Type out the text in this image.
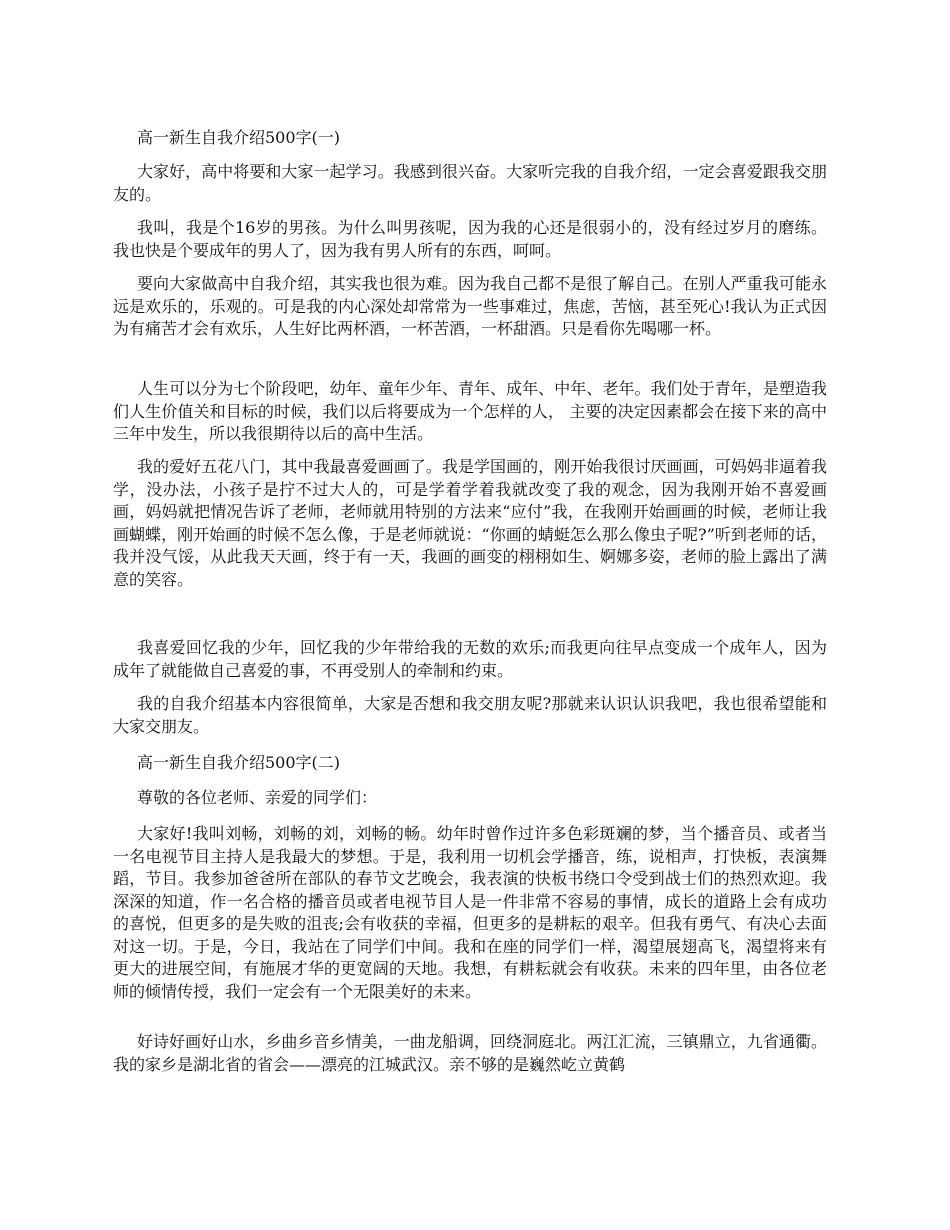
高一新生自我介绍500字(一)

大家好，高中将要和大家一起学习。我感到很兴奋。大家听完我的自我介绍，一定会喜爱跟我交朋友的。

我叫，我是个16岁的男孩。为什么叫男孩呢，因为我的心还是很弱小的，没有经过岁月的磨练。我也快是个要成年的男人了，因为我有男人所有的东西，呵呵。

要向大家做高中自我介绍，其实我也很为难。因为我自己都不是很了解自己。在别人严重我可能永远是欢乐的，乐观的。可是我的内心深处却常常为一些事难过，焦虑，苦恼，甚至死心!我认为正式因为有痛苦才会有欢乐，人生好比两杯酒，一杯苦酒，一杯甜酒。只是看你先喝哪一杯。

人生可以分为七个阶段吧，幼年、童年少年、青年、成年、中年、老年。我们处于青年，是塑造我们人生价值关和目标的时候，我们以后将要成为一个怎样的人， 主要的决定因素都会在接下来的高中三年中发生，所以我很期待以后的高中生活。

我的爱好五花八门，其中我最喜爱画画了。我是学国画的，刚开始我很讨厌画画，可妈妈非逼着我学，没办法，小孩子是拧不过大人的，可是学着学着我就改变了我的观念，因为我刚开始不喜爱画画，妈妈就把情况告诉了老师，老师就用特别的方法来“应付”我，在我刚开始画画的时候，老师让我画蝴蝶，刚开始画的时候不怎么像，于是老师就说：“你画的蜻蜓怎么那么像虫子呢?”听到老师的话，我并没气馁，从此我天天画，终于有一天，我画的画变的栩栩如生、婀娜多姿，老师的脸上露出了满意的笑容。

我喜爱回忆我的少年，回忆我的少年带给我的无数的欢乐;而我更向往早点变成一个成年人，因为成年了就能做自己喜爱的事，不再受别人的牵制和约束。

我的自我介绍基本内容很简单，大家是否想和我交朋友呢?那就来认识认识我吧，我也很希望能和大家交朋友。

高一新生自我介绍500字(二)

尊敬的各位老师、亲爱的同学们：

大家好!我叫刘畅，刘畅的刘，刘畅的畅。幼年时曾作过许多色彩斑斓的梦，当个播音员、或者当一名电视节目主持人是我最大的梦想。于是，我利用一切机会学播音，练，说相声，打快板，表演舞蹈，节目。我参加爸爸所在部队的春节文艺晚会，我表演的快板书绕口令受到战士们的热烈欢迎。我深深的知道，作一名合格的播音员或者电视节目人是一件非常不容易的事情，成长的道路上会有成功的喜悦，但更多的是失败的沮丧;会有收获的幸福，但更多的是耕耘的艰辛。但我有勇气、有决心去面对这一切。于是，今日，我站在了同学们中间。我和在座的同学们一样，渴望展翅高飞，渴望将来有更大的进展空间，有施展才华的更宽阔的天地。我想，有耕耘就会有收获。未来的四年里，由各位老师的倾情传授，我们一定会有一个无限美好的未来。

好诗好画好山水，乡曲乡音乡情美，一曲龙船调，回绕洞庭北。两江汇流，三镇鼎立，九省通衢。我的家乡是湖北省的省会——漂亮的江城武汉。亲不够的是巍然屹立黄鹤
